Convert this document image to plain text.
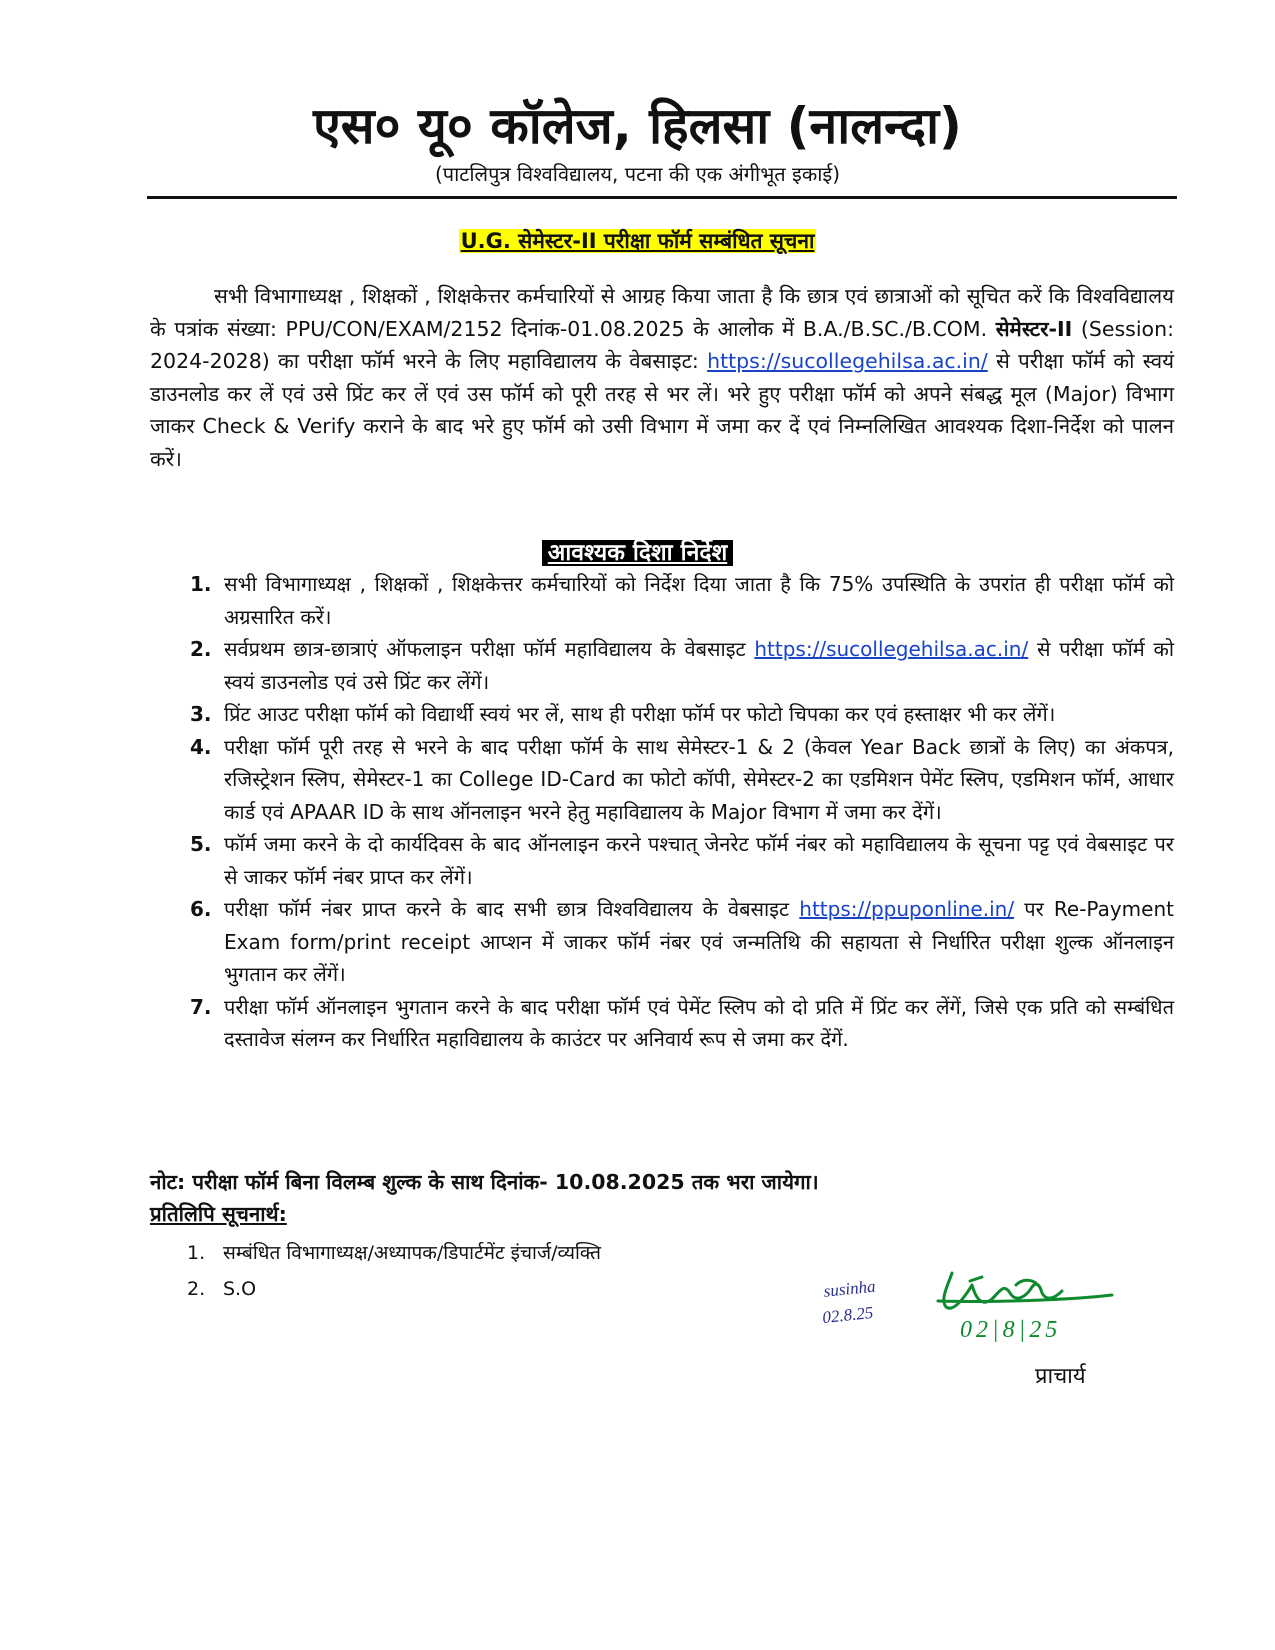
एस० यू० कॉलेज, हिलसा (नालन्दा)
(पाटलिपुत्र विश्वविद्यालय, पटना की एक अंगीभूत इकाई)
U.G. सेमेस्टर-II परीक्षा फॉर्म सम्बंधित सूचना
सभी विभागाध्यक्ष , शिक्षकों , शिक्षकेत्तर कर्मचारियों से आग्रह किया जाता है कि छात्र एवं छात्राओं को सूचित करें कि विश्वविद्यालय के पत्रांक संख्या: PPU/CON/EXAM/2152 दिनांक-01.08.2025 के आलोक में B.A./B.SC./B.COM. सेमेस्टर-II (Session: 2024-2028) का परीक्षा फॉर्म भरने के लिए महाविद्यालय के वेबसाइट: https://sucollegehilsa.ac.in/ से परीक्षा फॉर्म को स्वयं डाउनलोड कर लें एवं उसे प्रिंट कर लें एवं उस फॉर्म को पूरी तरह से भर लें। भरे हुए परीक्षा फॉर्म को अपने संबद्ध मूल (Major) विभाग जाकर Check & Verify कराने के बाद भरे हुए फॉर्म को उसी विभाग में जमा कर दें एवं निम्नलिखित आवश्यक दिशा-निर्देश को पालन करें।
आवश्यक दिशा निर्देश
1. सभी विभागाध्यक्ष , शिक्षकों , शिक्षकेत्तर कर्मचारियों को निर्देश दिया जाता है कि 75% उपस्थिति के उपरांत ही परीक्षा फॉर्म को अग्रसारित करें।
2. सर्वप्रथम छात्र-छात्राएं ऑफलाइन परीक्षा फॉर्म महाविद्यालय के वेबसाइट https://sucollegehilsa.ac.in/ से परीक्षा फॉर्म को स्वयं डाउनलोड एवं उसे प्रिंट कर लेंगें।
3. प्रिंट आउट परीक्षा फॉर्म को विद्यार्थी स्वयं भर लें, साथ ही परीक्षा फॉर्म पर फोटो चिपका कर एवं हस्ताक्षर भी कर लेंगें।
4. परीक्षा फॉर्म पूरी तरह से भरने के बाद परीक्षा फॉर्म के साथ सेमेस्टर-1 & 2 (केवल Year Back छात्रों के लिए) का अंकपत्र, रजिस्ट्रेशन स्लिप, सेमेस्टर-1 का College ID-Card का फोटो कॉपी, सेमेस्टर-2 का एडमिशन पेमेंट स्लिप, एडमिशन फॉर्म, आधार कार्ड एवं APAAR ID के साथ ऑनलाइन भरने हेतु महाविद्यालय के Major विभाग में जमा कर देंगें।
5. फॉर्म जमा करने के दो कार्यदिवस के बाद ऑनलाइन करने पश्चात् जेनरेट फॉर्म नंबर को महाविद्यालय के सूचना पट्ट एवं वेबसाइट पर से जाकर फॉर्म नंबर प्राप्त कर लेंगें।
6. परीक्षा फॉर्म नंबर प्राप्त करने के बाद सभी छात्र विश्वविद्यालय के वेबसाइट https://ppuponline.in/ पर Re-Payment Exam form/print receipt आप्शन में जाकर फॉर्म नंबर एवं जन्मतिथि की सहायता से निर्धारित परीक्षा शुल्क ऑनलाइन भुगतान कर लेंगें।
7. परीक्षा फॉर्म ऑनलाइन भुगतान करने के बाद परीक्षा फॉर्म एवं पेमेंट स्लिप को दो प्रति में प्रिंट कर लेंगें, जिसे एक प्रति को सम्बंधित दस्तावेज संलग्न कर निर्धारित महाविद्यालय के काउंटर पर अनिवार्य रूप से जमा कर देंगें.
नोट: परीक्षा फॉर्म बिना विलम्ब शुल्क के साथ दिनांक- 10.08.2025 तक भरा जायेगा।
प्रतिलिपि सूचनार्थ:
1. सम्बंधित विभागाध्यक्ष/अध्यापक/डिपार्टमेंट इंचार्ज/व्यक्ति
2. S.O
02|8|25
susinha
02.8.25
प्राचार्य
